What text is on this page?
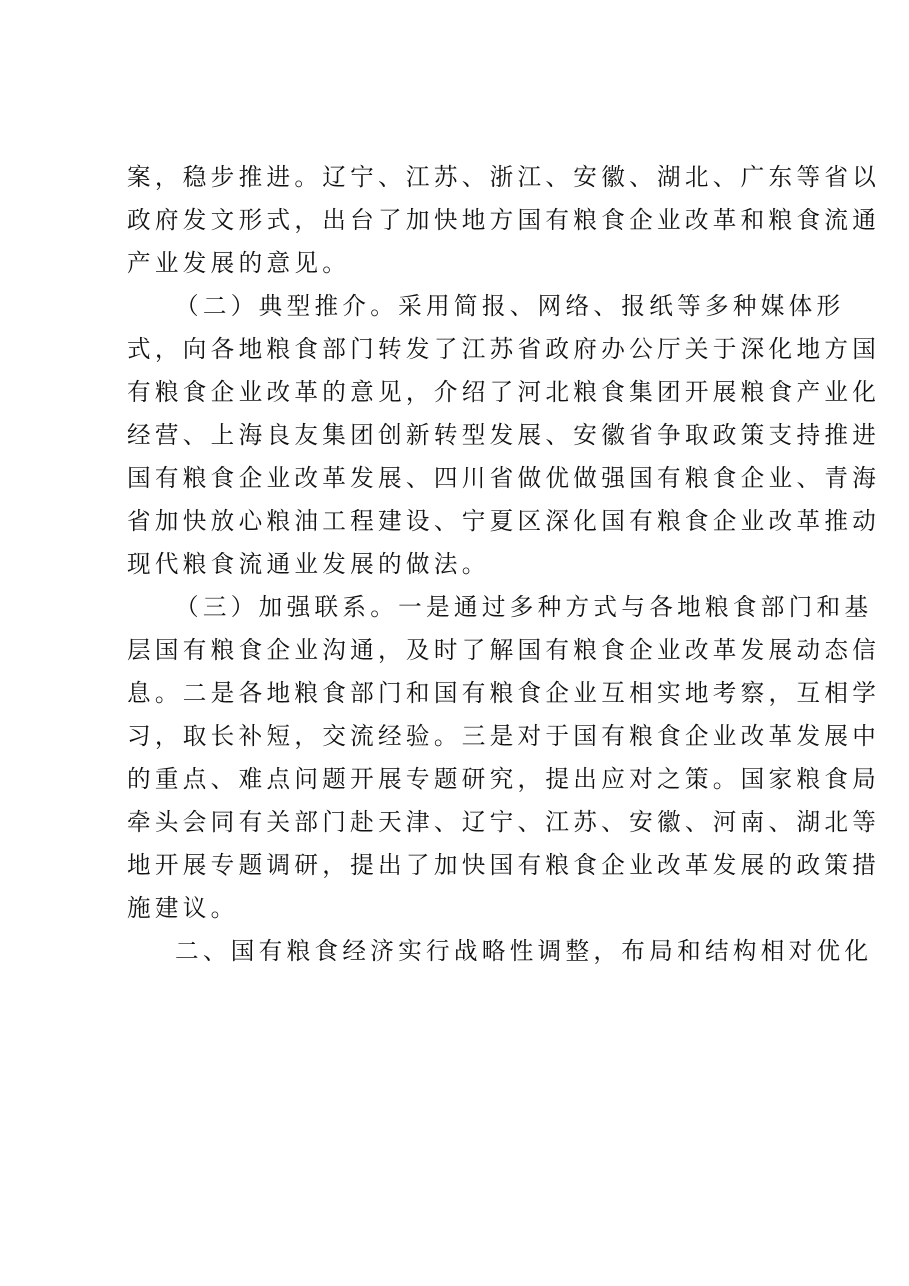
案，稳步推进。辽宁、江苏、浙江、安徽、湖北、广东等省以
政府发文形式，出台了加快地方国有粮食企业改革和粮食流通
产业发展的意见。

（二）典型推介。采用简报、网络、报纸等多种媒体形
式，向各地粮食部门转发了江苏省政府办公厅关于深化地方国
有粮食企业改革的意见，介绍了河北粮食集团开展粮食产业化
经营、上海良友集团创新转型发展、安徽省争取政策支持推进
国有粮食企业改革发展、四川省做优做强国有粮食企业、青海
省加快放心粮油工程建设、宁夏区深化国有粮食企业改革推动
现代粮食流通业发展的做法。

（三）加强联系。一是通过多种方式与各地粮食部门和基
层国有粮食企业沟通，及时了解国有粮食企业改革发展动态信
息。二是各地粮食部门和国有粮食企业互相实地考察，互相学
习，取长补短，交流经验。三是对于国有粮食企业改革发展中
的重点、难点问题开展专题研究，提出应对之策。国家粮食局
牵头会同有关部门赴天津、辽宁、江苏、安徽、河南、湖北等
地开展专题调研，提出了加快国有粮食企业改革发展的政策措
施建议。

二、国有粮食经济实行战略性调整，布局和结构相对优化
